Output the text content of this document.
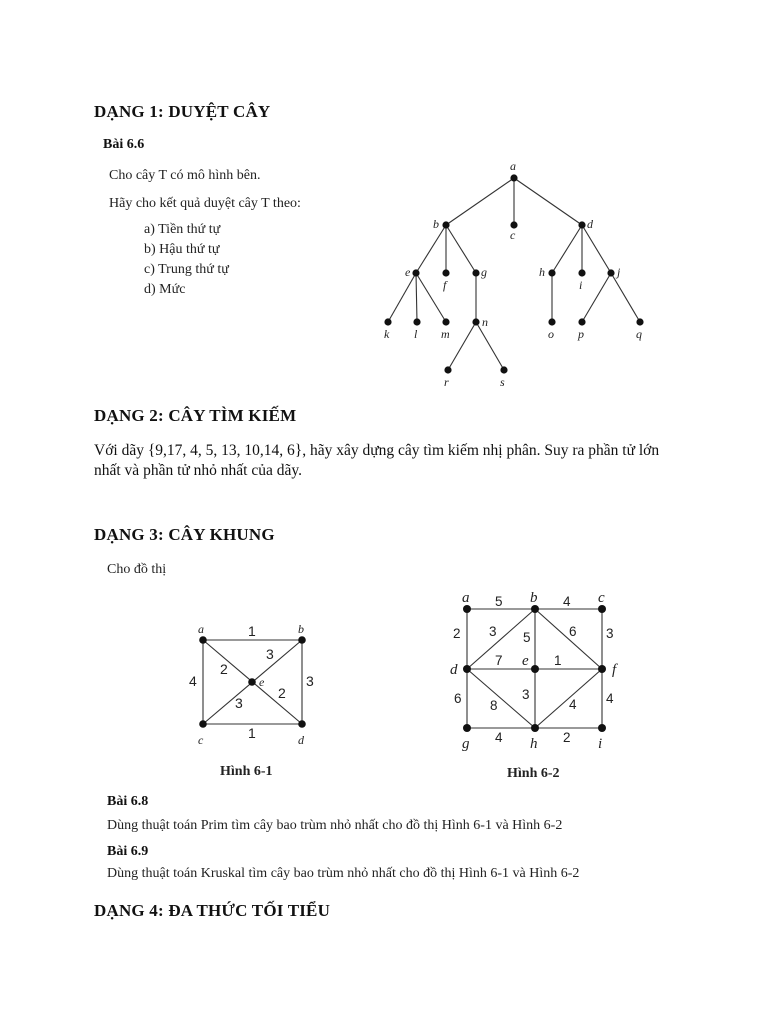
DẠNG 1: DUYỆT CÂY
Bài 6.6
Cho cây T có mô hình bên.
Hãy cho kết quả duyệt cây T theo:
a) Tiền thứ tự
b) Hậu thứ tự
c) Trung thứ tự
d) Mức
a
b
c
d
e
f
g	h
i
j
k l m
n
o p	q
r	s
DẠNG 2: CÂY TÌM KIẾM
Với dãy {9,17, 4, 5, 13, 10,14, 6}, hãy xây dựng cây tìm kiếm nhị phân. Suy ra phần tử lớn nhất và phần tử nhỏ nhất của dãy.
DẠNG 3: CÂY KHUNG
Cho đồ thị
a	b
c	d
e
1
4	3
1
2
3
3
2
Hình 6-1
a	b	c
d
e
f
g	h	i
5	4
2	3
3 5	6
7	1
6	4
8
3
4
4	2
Hình 6-2
Bài 6.8
Dùng thuật toán Prim tìm cây bao trùm nhỏ nhất cho đồ thị Hình 6-1 và Hình 6-2
Bài 6.9
Dùng thuật toán Kruskal tìm cây bao trùm nhỏ nhất cho đồ thị Hình 6-1 và Hình 6-2
DẠNG 4: ĐA THỨC TỐI TIỂU
